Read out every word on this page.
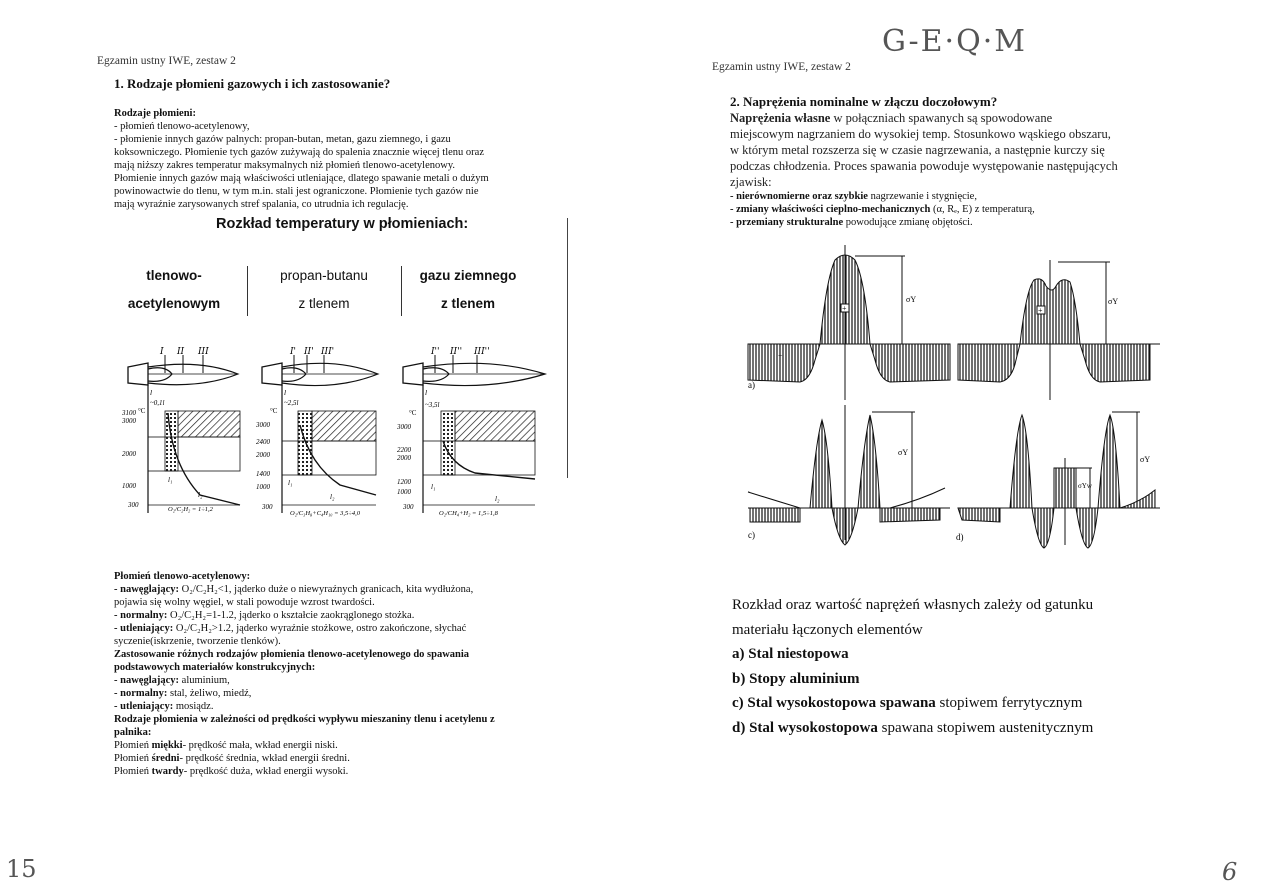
Egzamin ustny IWE, zestaw 2
1. Rodzaje płomieni gazowych i ich zastosowanie?
Rodzaje płomieni:
- płomień tlenowo-acetylenowy,
- płomienie innych gazów palnych: propan-butan, metan, gazu ziemnego, i gazu
koksowniczego. Płomienie tych gazów zużywają do spalenia znacznie więcej tlenu oraz
mają niższy zakres temperatur maksymalnych niż płomień tlenowo-acetylenowy.
Płomienie innych gazów mają właściwości utleniające, dlatego spawanie metali o dużym
powinowactwie do tlenu, w tym m.in. stali jest ograniczone. Płomienie tych gazów nie
mają wyraźnie zarysowanych stref spalania, co utrudnia ich regulację.
Rozkład temperatury w płomieniach:
tlenowo-
acetylenowym
propan-butanu
z tlenem
gazu ziemnego
z tlenem
I II III
l
~0,1l
°C
3100
3000
2000
1000
300
l₁
l₂
O₂/C₂H₂ = 1÷1,2
I' II' III'
l
~2,5l
°C
3000
2400
2000
1400
1000
300
l₁
l₂
O₂/C₃H₈+C₄H₁₀ = 3,5÷4,0
I'' II'' III''
l
~3,5l
°C
3000
2200
2000
1200
1000
300
l₁
l₂
O₂/CH₄+H₂ = 1,5÷1,8
Płomień tlenowo-acetylenowy:
- nawęglający: O₂/C₂H₂<1, jąderko duże o niewyraźnych granicach, kita wydłużona,
pojawia się wolny węgiel, w stali powoduje wzrost twardości.
- normalny: O₂/C₂H₂=1-1.2, jąderko o kształcie zaokrąglonego stożka.
- utleniający: O₂/C₂H₂>1.2, jąderko wyraźnie stożkowe, ostro zakończone, słychać
syczenie(iskrzenie, tworzenie tlenków).
Zastosowanie różnych rodzajów płomienia tlenowo-acetylenowego do spawania
podstawowych materiałów konstrukcyjnych:
- nawęglający: aluminium,
- normalny: stal, żeliwo, miedź,
- utleniający: mosiądz.
Rodzaje płomienia w zależności od prędkości wypływu mieszaniny tlenu i acetylenu z
palnika:
Płomień miękki- prędkość mała, wkład energii niski.
Płomień średni- prędkość średnia, wkład energii średni.
Płomień twardy- prędkość duża, wkład energii wysoki.
15
Egzamin ustny IWE, zestaw 2
G-E·Q·M
2. Naprężenia nominalne w złączu doczołowym?
Naprężenia własne w połączniach spawanych są spowodowane
miejscowym nagrzaniem do wysokiej temp. Stosunkowo wąskiego obszaru,
w którym metal rozszerza się w czasie nagrzewania, a następnie kurczy się
podczas chłodzenia. Proces spawania powoduje występowanie następujących
zjawisk:
- nierównomierne oraz szybkie nagrzewanie i stygnięcie,
- zmiany właściwości cieplno-mechanicznych (α, Rₑ, E) z temperaturą,
- przemiany strukturalne powodujące zmianę objętości.
σY
+
−
a)
σY
+
σY
c)
σYw
σY
d)
Rozkład oraz wartość naprężeń własnych zależy od gatunku
materiału łączonych elementów
a) Stal niestopowa
b) Stopy aluminium
c) Stal wysokostopowa spawana stopiwem ferrytycznym
d) Stal wysokostopowa spawana stopiwem austenitycznym
6
